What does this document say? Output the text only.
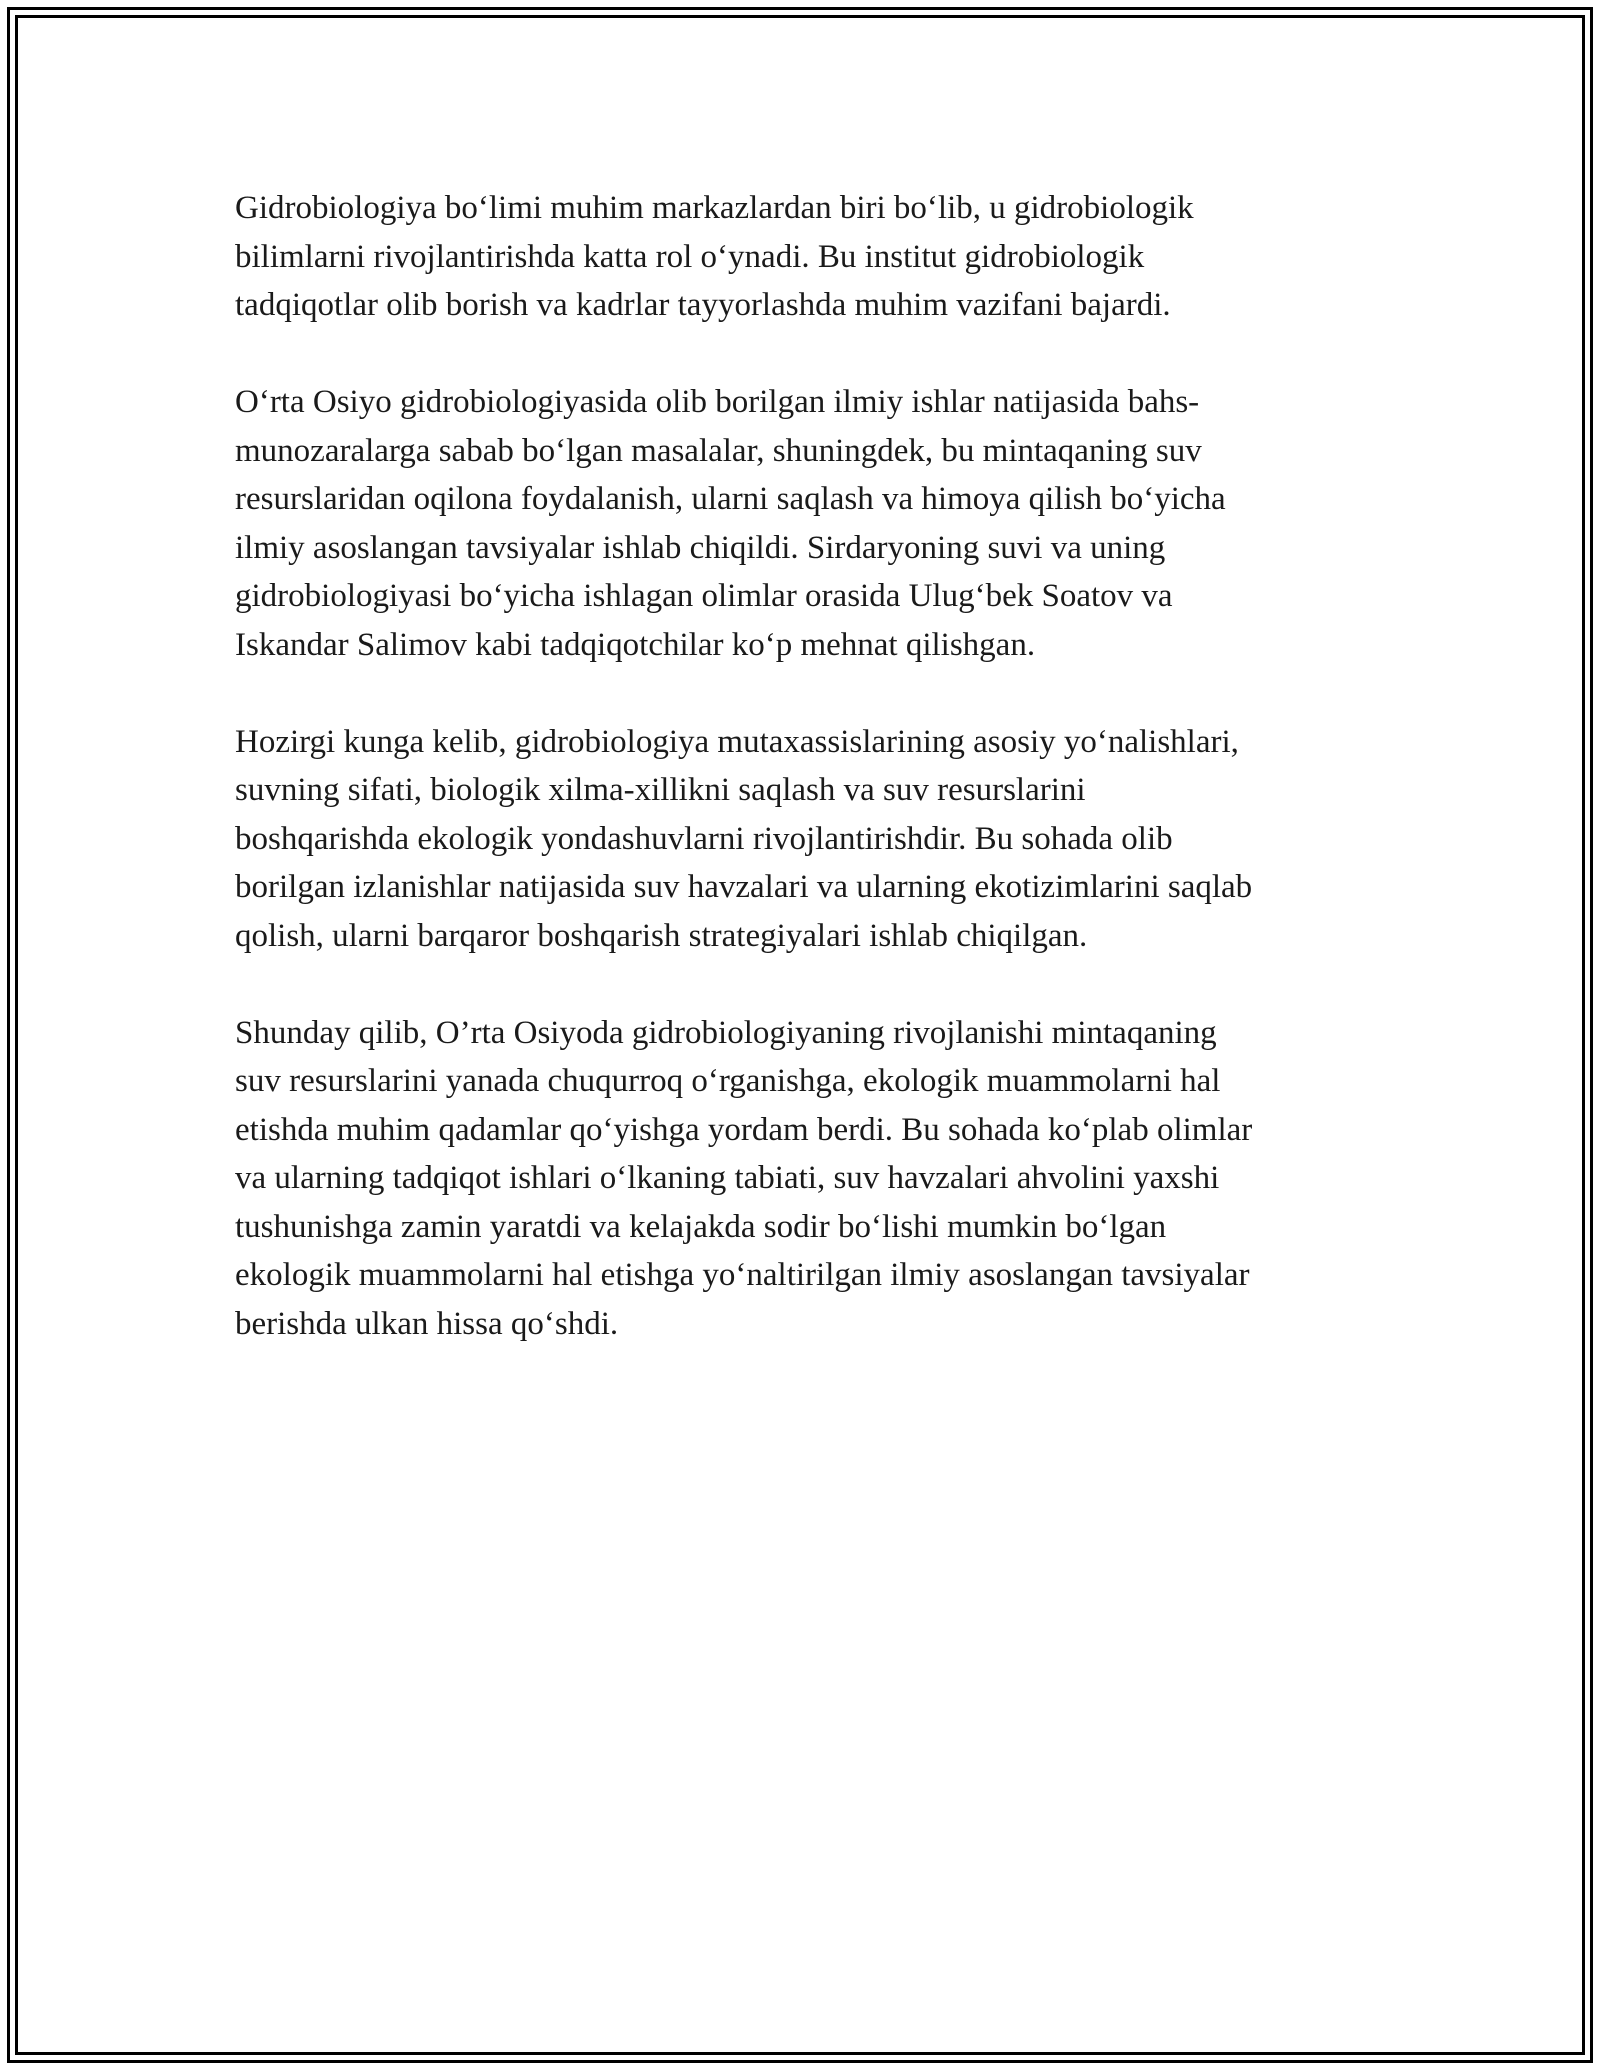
Gidrobiologiya bo‘limi muhim markazlardan biri bo‘lib, u gidrobiologik
bilimlarni rivojlantirishda katta rol o‘ynadi. Bu institut gidrobiologik
tadqiqotlar olib borish va kadrlar tayyorlashda muhim vazifani bajardi.

O‘rta Osiyo gidrobiologiyasida olib borilgan ilmiy ishlar natijasida bahs-
munozaralarga sabab bo‘lgan masalalar, shuningdek, bu mintaqaning suv
resurslaridan oqilona foydalanish, ularni saqlash va himoya qilish bo‘yicha
ilmiy asoslangan tavsiyalar ishlab chiqildi. Sirdaryoning suvi va uning
gidrobiologiyasi bo‘yicha ishlagan olimlar orasida Ulug‘bek Soatov va
Iskandar Salimov kabi tadqiqotchilar ko‘p mehnat qilishgan.

Hozirgi kunga kelib, gidrobiologiya mutaxassislarining asosiy yo‘nalishlari,
suvning sifati, biologik xilma-xillikni saqlash va suv resurslarini
boshqarishda ekologik yondashuvlarni rivojlantirishdir. Bu sohada olib
borilgan izlanishlar natijasida suv havzalari va ularning ekotizimlarini saqlab
qolish, ularni barqaror boshqarish strategiyalari ishlab chiqilgan.

Shunday qilib, O’rta Osiyoda gidrobiologiyaning rivojlanishi mintaqaning
suv resurslarini yanada chuqurroq o‘rganishga, ekologik muammolarni hal
etishda muhim qadamlar qo‘yishga yordam berdi. Bu sohada ko‘plab olimlar
va ularning tadqiqot ishlari o‘lkaning tabiati, suv havzalari ahvolini yaxshi
tushunishga zamin yaratdi va kelajakda sodir bo‘lishi mumkin bo‘lgan
ekologik muammolarni hal etishga yo‘naltirilgan ilmiy asoslangan tavsiyalar
berishda ulkan hissa qo‘shdi.
